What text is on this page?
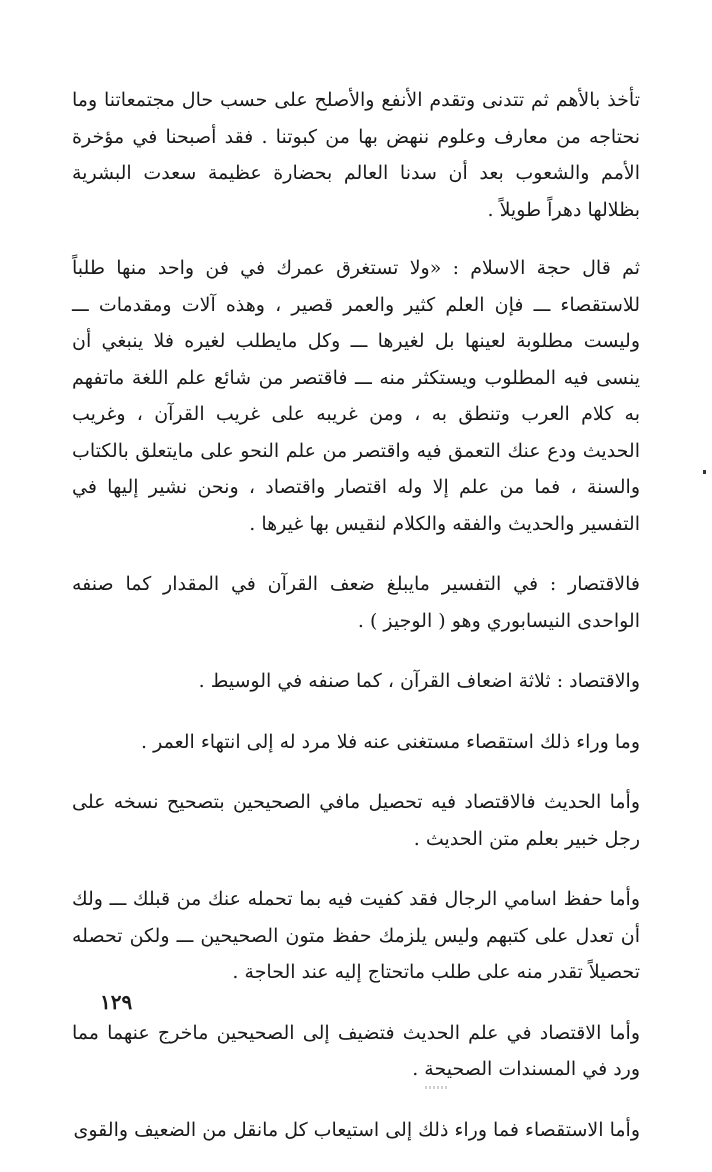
تأخذ بالأهم ثم تتدنى وتقدم الأنفع والأصلح على حسب حال مجتمعاتنا وما نحتاجه من معارف وعلوم ننهض بها من كبوتنا . فقد أصبحنا في مؤخرة الأمم والشعوب بعد أن سدنا العالم بحضارة عظيمة سعدت البشرية بظلالها دهراً طويلاً .

ثم قال حجة الاسلام : «ولا تستغرق عمرك في فن واحد منها طلباً للاستقصاء ـــ فإن العلم كثير والعمر قصير ، وهذه آلات ومقدمات ـــ وليست مطلوبة لعينها بل لغيرها ـــ وكل مايطلب لغيره فلا ينبغي أن ينسى فيه المطلوب ويستكثر منه ـــ فاقتصر من شائع علم اللغة ماتفهم به كلام العرب وتنطق به ، ومن غريبه على غريب القرآن ، وغريب الحديث ودع عنك التعمق فيه واقتصر من علم النحو على مايتعلق بالكتاب والسنة ، فما من علم إلا وله اقتصار واقتصاد ، ونحن نشير إليها في التفسير والحديث والفقه والكلام لنقيس بها غيرها .

فالاقتصار : في التفسير مايبلغ ضعف القرآن في المقدار كما صنفه الواحدى النيسابوري وهو ( الوجيز ) .

والاقتصاد : ثلاثة اضعاف القرآن ، كما صنفه في الوسيط .

وما وراء ذلك استقصاء مستغنى عنه فلا مرد له إلى انتهاء العمر .

وأما الحديث فالاقتصاد فيه تحصيل مافي الصحيحين بتصحيح نسخه على رجل خبير بعلم متن الحديث .

وأما حفظ اسامي الرجال فقد كفيت فيه بما تحمله عنك من قبلك ـــ ولك أن تعدل على كتبهم وليس يلزمك حفظ متون الصحيحين ـــ ولكن تحصله تحصيلاً تقدر منه على طلب ماتحتاج إليه عند الحاجة .

وأما الاقتصاد في علم الحديث فتضيف إلى الصحيحين ماخرج عنهما مما ورد في المسندات الصحيحة .

وأما الاستقصاء فما وراء ذلك إلى استيعاب كل مانقل من الضعيف والقوى

١٢٩
